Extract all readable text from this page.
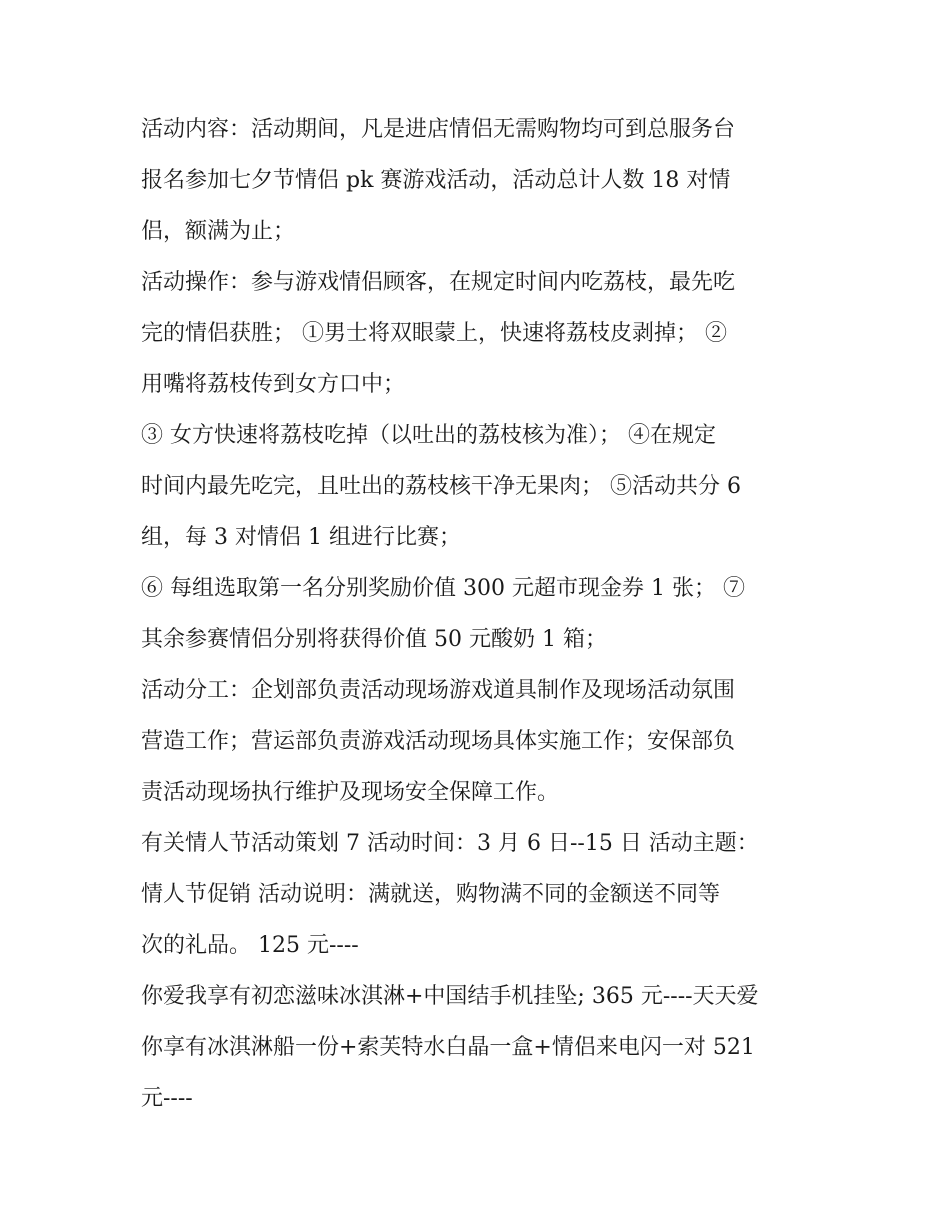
活动内容：活动期间，凡是进店情侣无需购物均可到总服务台
报名参加七夕节情侣 pk 赛游戏活动，活动总计人数 18 对情
侣，额满为止；
活动操作：参与游戏情侣顾客，在规定时间内吃荔枝，最先吃
完的情侣获胜； ①男士将双眼蒙上，快速将荔枝皮剥掉； ②
用嘴将荔枝传到女方口中；
③ 女方快速将荔枝吃掉（以吐出的荔枝核为准）； ④在规定
时间内最先吃完，且吐出的荔枝核干净无果肉； ⑤活动共分 6
组，每 3 对情侣 1 组进行比赛；
⑥ 每组选取第一名分别奖励价值 300 元超市现金券 1 张； ⑦
其余参赛情侣分别将获得价值 50 元酸奶 1 箱；
活动分工：企划部负责活动现场游戏道具制作及现场活动氛围
营造工作；营运部负责游戏活动现场具体实施工作；安保部负
责活动现场执行维护及现场安全保障工作。
有关情人节活动策划 7 活动时间：3 月 6 日--15 日 活动主题：
情人节促销 活动说明：满就送，购物满不同的金额送不同等
次的礼品。 125 元----
你爱我享有初恋滋味冰淇淋+中国结手机挂坠; 365 元----天天爱
你享有冰淇淋船一份+索芙特水白晶一盒+情侣来电闪一对 521
元----
